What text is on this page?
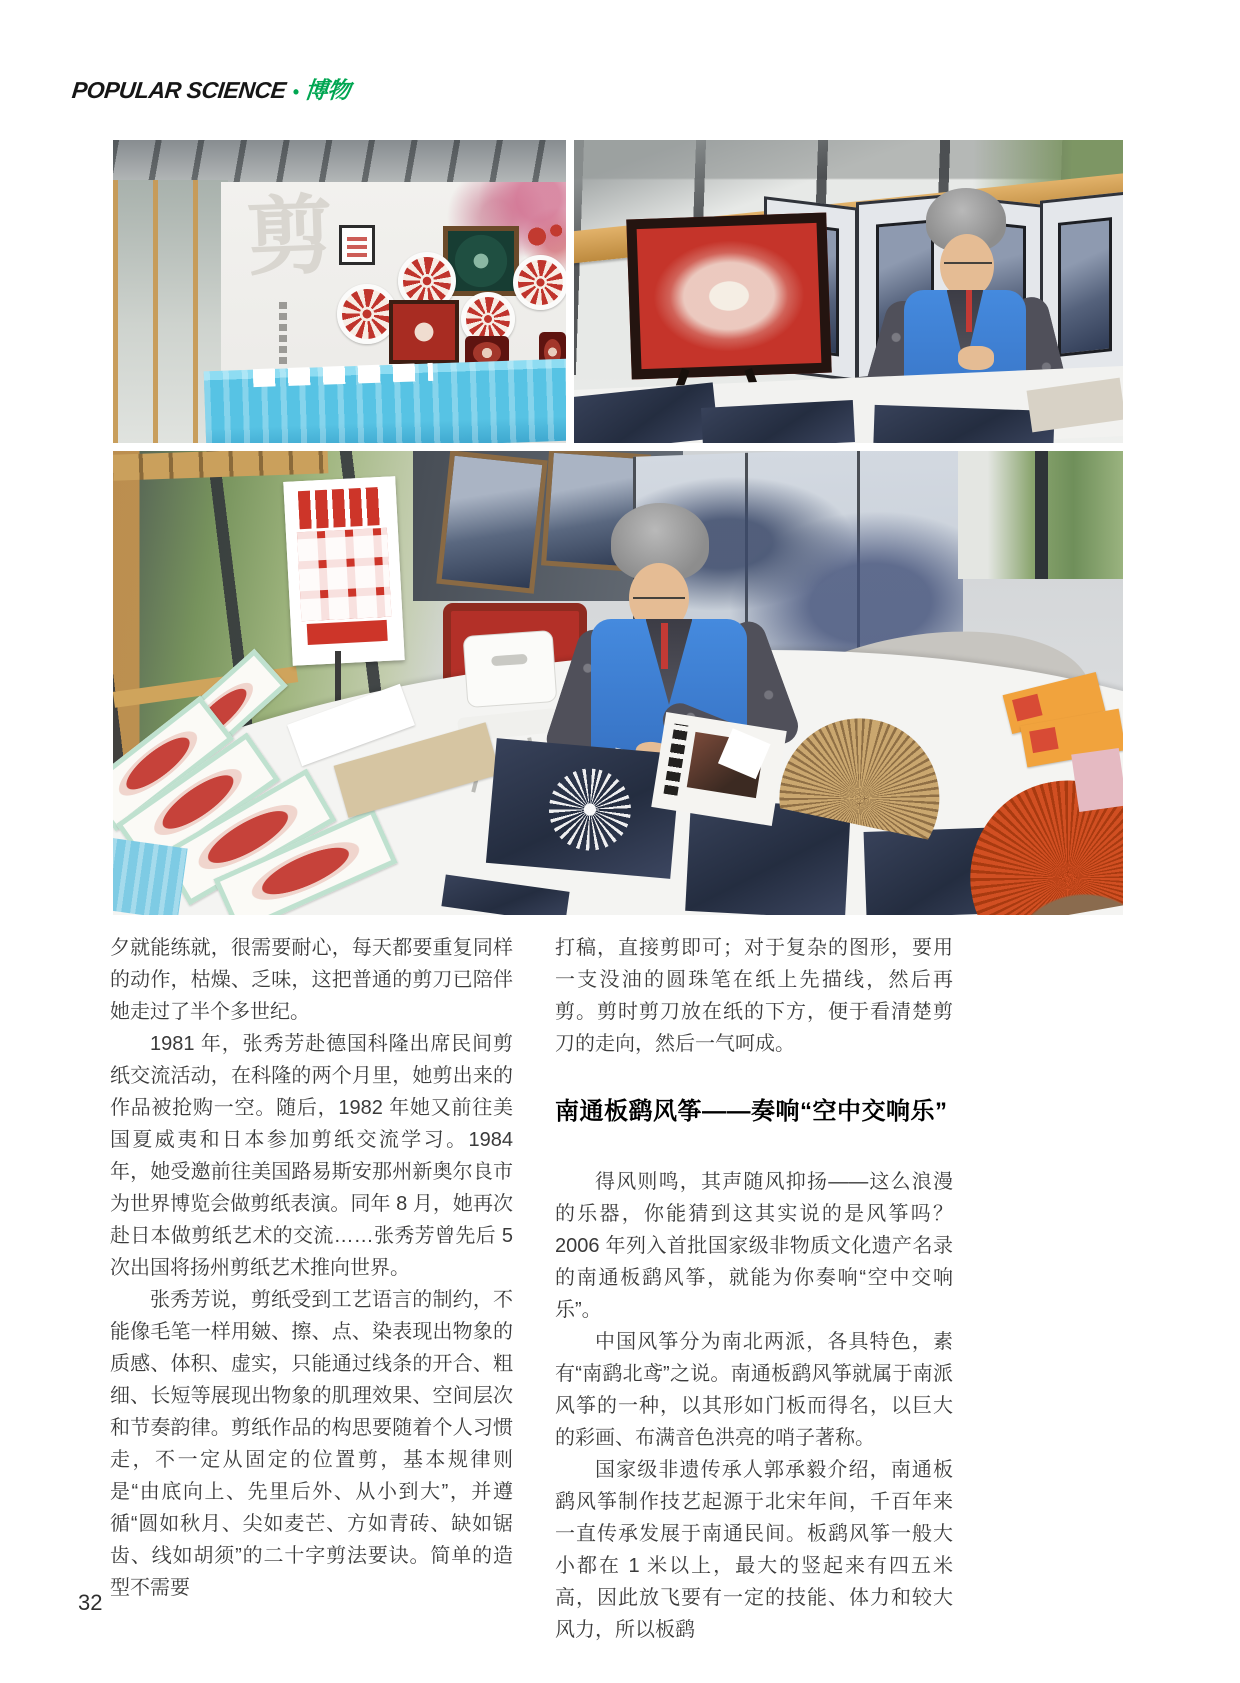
POPULAR SCIENCE • 博物
剪

夕就能练就，很需要耐心，每天都要重复同样的动作，枯燥、乏味，这把普通的剪刀已陪伴她走过了半个多世纪。

1981 年，张秀芳赴德国科隆出席民间剪纸交流活动，在科隆的两个月里，她剪出来的作品被抢购一空。随后，1982 年她又前往美国夏威夷和日本参加剪纸交流学习。1984 年，她受邀前往美国路易斯安那州新奥尔良市为世界博览会做剪纸表演。同年 8 月，她再次赴日本做剪纸艺术的交流……张秀芳曾先后 5 次出国将扬州剪纸艺术推向世界。

张秀芳说，剪纸受到工艺语言的制约，不能像毛笔一样用皴、擦、点、染表现出物象的质感、体积、虚实，只能通过线条的开合、粗细、长短等展现出物象的肌理效果、空间层次和节奏韵律。剪纸作品的构思要随着个人习惯走，不一定从固定的位置剪，基本规律则是“由底向上、先里后外、从小到大”，并遵循“圆如秋月、尖如麦芒、方如青砖、缺如锯齿、线如胡须”的二十字剪法要诀。简单的造型不需要

打稿，直接剪即可；对于复杂的图形，要用一支没油的圆珠笔在纸上先描线，然后再剪。剪时剪刀放在纸的下方，便于看清楚剪刀的走向，然后一气呵成。

南通板鹞风筝——奏响“空中交响乐”

得风则鸣，其声随风抑扬——这么浪漫的乐器，你能猜到这其实说的是风筝吗？ 2006 年列入首批国家级非物质文化遗产名录的南通板鹞风筝，就能为你奏响“空中交响乐”。

中国风筝分为南北两派，各具特色，素有“南鹞北鸢”之说。南通板鹞风筝就属于南派风筝的一种，以其形如门板而得名，以巨大的彩画、布满音色洪亮的哨子著称。

国家级非遗传承人郭承毅介绍，南通板鹞风筝制作技艺起源于北宋年间，千百年来一直传承发展于南通民间。板鹞风筝一般大小都在 1 米以上，最大的竖起来有四五米高，因此放飞要有一定的技能、体力和较大风力，所以板鹞

32
